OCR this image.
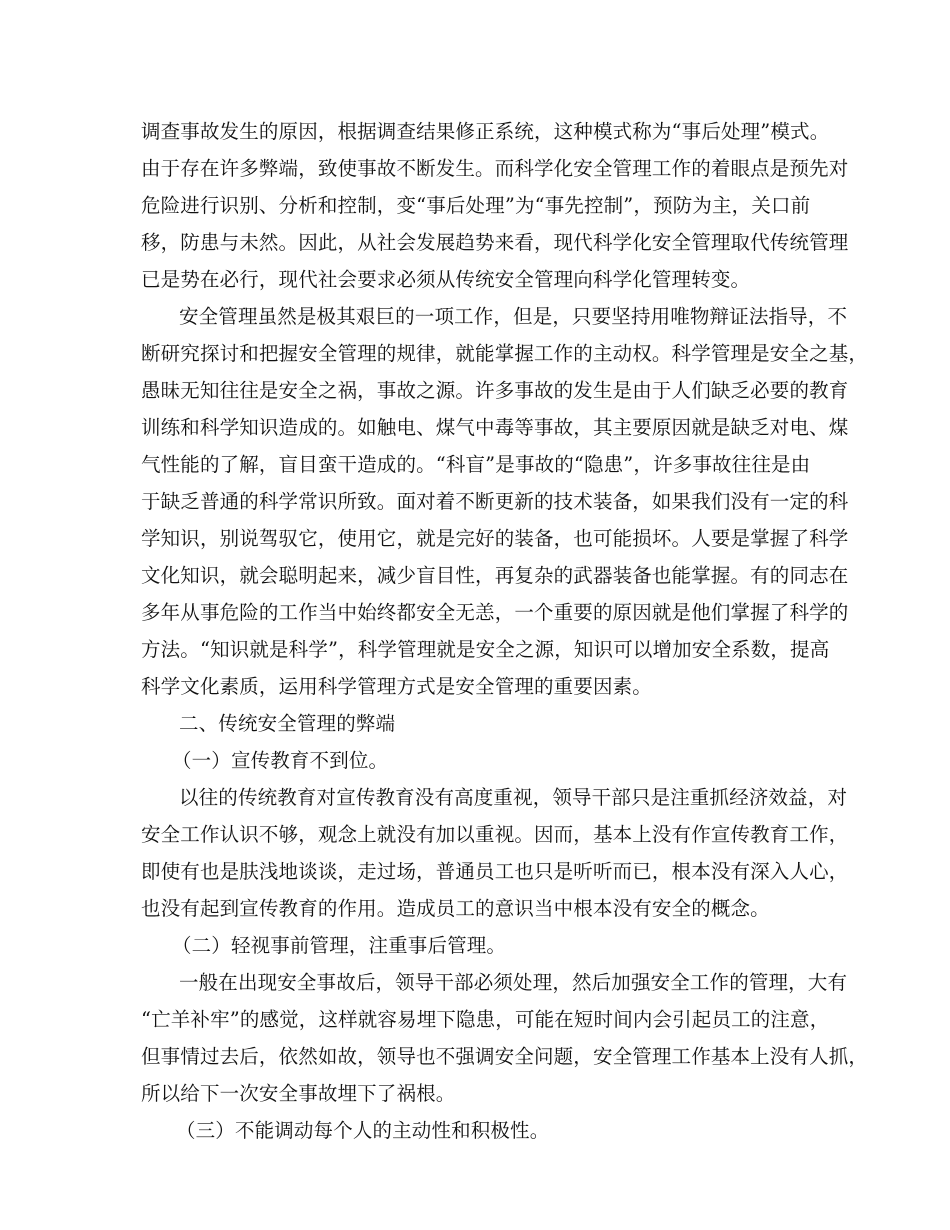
调查事故发生的原因，根据调查结果修正系统，这种模式称为“事后处理”模式。
由于存在许多弊端，致使事故不断发生。而科学化安全管理工作的着眼点是预先对
危险进行识别、分析和控制，变“事后处理”为“事先控制”，预防为主，关口前
移，防患与未然。因此，从社会发展趋势来看，现代科学化安全管理取代传统管理
已是势在必行，现代社会要求必须从传统安全管理向科学化管理转变。
安全管理虽然是极其艰巨的一项工作，但是，只要坚持用唯物辩证法指导，不
断研究探讨和把握安全管理的规律，就能掌握工作的主动权。科学管理是安全之基，
愚昧无知往往是安全之祸，事故之源。许多事故的发生是由于人们缺乏必要的教育
训练和科学知识造成的。如触电、煤气中毒等事故，其主要原因就是缺乏对电、煤
气性能的了解，盲目蛮干造成的。“科盲”是事故的“隐患”，许多事故往往是由
于缺乏普通的科学常识所致。面对着不断更新的技术装备，如果我们没有一定的科
学知识，别说驾驭它，使用它，就是完好的装备，也可能损坏。人要是掌握了科学
文化知识，就会聪明起来，减少盲目性，再复杂的武器装备也能掌握。有的同志在
多年从事危险的工作当中始终都安全无恙，一个重要的原因就是他们掌握了科学的
方法。“知识就是科学”，科学管理就是安全之源，知识可以增加安全系数，提高
科学文化素质，运用科学管理方式是安全管理的重要因素。
二、传统安全管理的弊端
（一）宣传教育不到位。
以往的传统教育对宣传教育没有高度重视，领导干部只是注重抓经济效益，对
安全工作认识不够，观念上就没有加以重视。因而，基本上没有作宣传教育工作，
即使有也是肤浅地谈谈，走过场，普通员工也只是听听而已，根本没有深入人心，
也没有起到宣传教育的作用。造成员工的意识当中根本没有安全的概念。
（二）轻视事前管理，注重事后管理。
一般在出现安全事故后，领导干部必须处理，然后加强安全工作的管理，大有
“亡羊补牢”的感觉，这样就容易埋下隐患，可能在短时间内会引起员工的注意，
但事情过去后，依然如故，领导也不强调安全问题，安全管理工作基本上没有人抓，
所以给下一次安全事故埋下了祸根。
（三）不能调动每个人的主动性和积极性。
